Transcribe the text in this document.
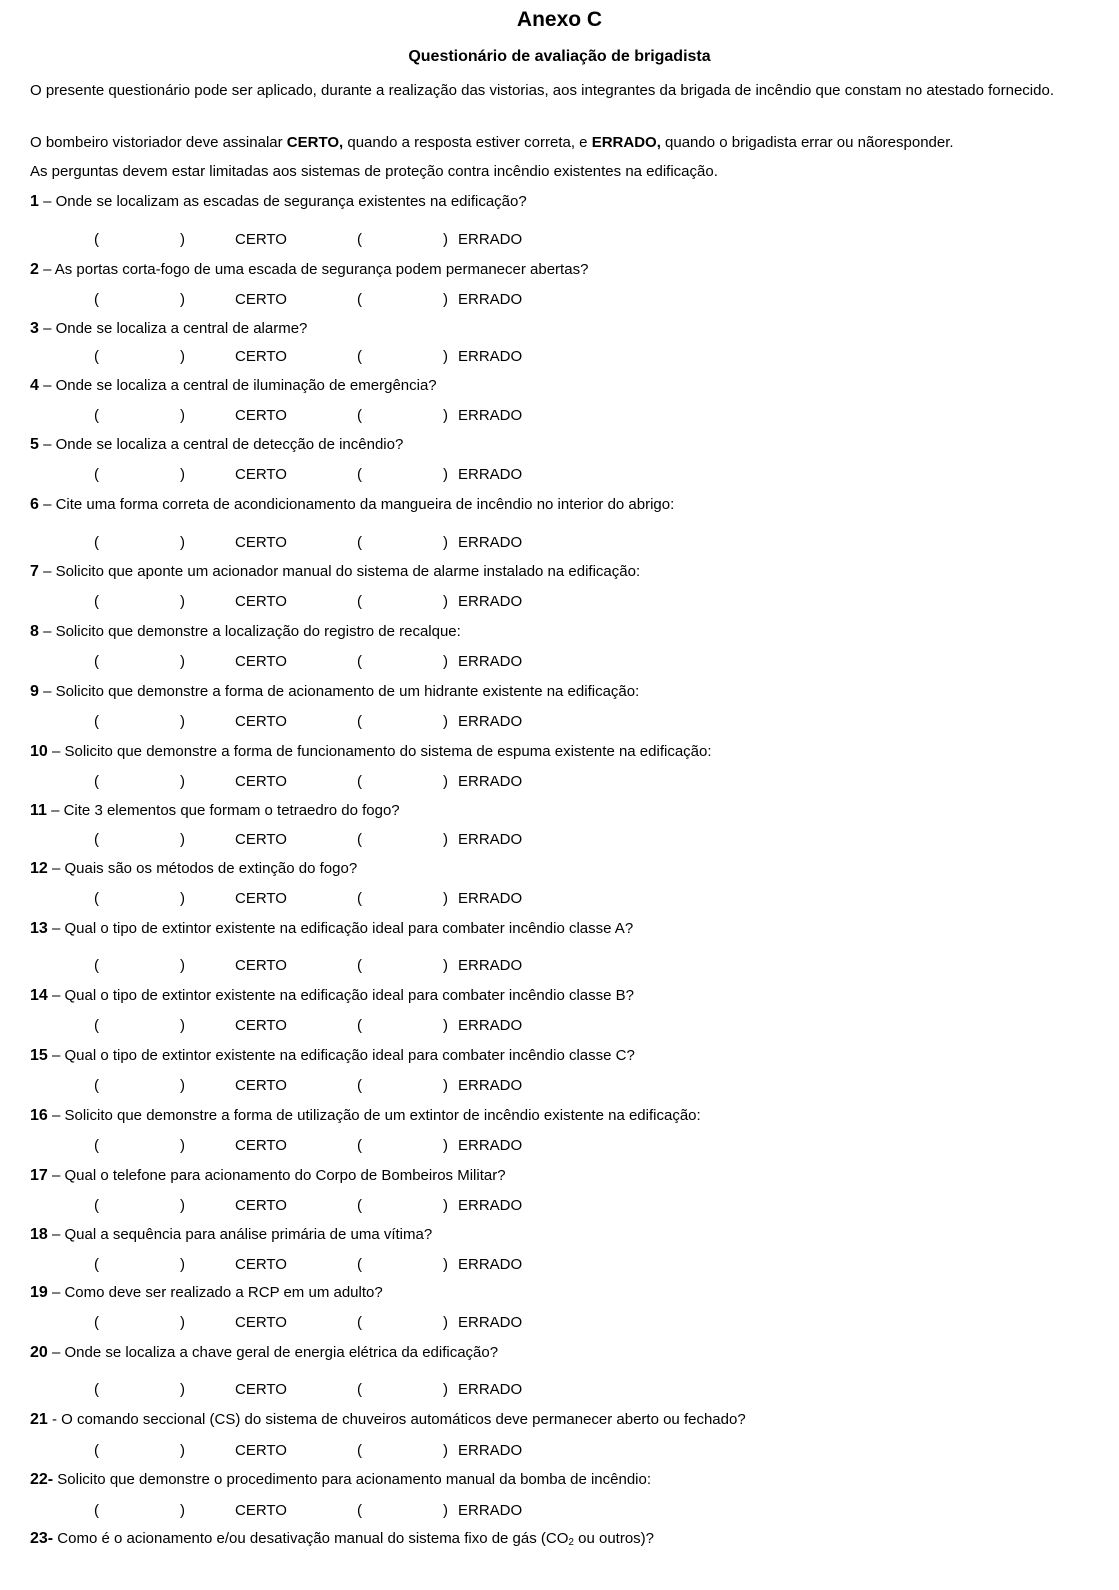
Anexo C
Questionário de avaliação de brigadista
O presente questionário pode ser aplicado, durante a realização das vistorias, aos integrantes da brigada de incêndio que constam no atestado fornecido.
O bombeiro vistoriador deve assinalar CERTO, quando a resposta estiver correta, e ERRADO, quando o brigadista errar ou nãoresponder.
As perguntas devem estar limitadas aos sistemas de proteção contra incêndio existentes na edificação.
1 – Onde se localizam as escadas de segurança existentes na edificação?
(	)	CERTO	(	) ERRADO
2 – As portas corta-fogo de uma escada de segurança podem permanecer abertas?
(	)	CERTO	(	) ERRADO
3 – Onde se localiza a central de alarme?
(	)	CERTO	(	) ERRADO
4 – Onde se localiza a central de iluminação de emergência?
(	)	CERTO	(	) ERRADO
5 – Onde se localiza a central de detecção de incêndio?
(	)	CERTO	(	) ERRADO
6 – Cite uma forma correta de acondicionamento da mangueira de incêndio no interior do abrigo:
(	)	CERTO	(	) ERRADO
7 – Solicito que aponte um acionador manual do sistema de alarme instalado na edificação:
(	)	CERTO	(	) ERRADO
8 – Solicito que demonstre a localização do registro de recalque:
(	)	CERTO	(	) ERRADO
9 – Solicito que demonstre a forma de acionamento de um hidrante existente na edificação:
(	)	CERTO	(	) ERRADO
10 – Solicito que demonstre a forma de funcionamento do sistema de espuma existente na edificação:
(	)	CERTO	(	) ERRADO
11 – Cite 3 elementos que formam o tetraedro do fogo?
(	)	CERTO	(	) ERRADO
12 – Quais são os métodos de extinção do fogo?
(	)	CERTO	(	) ERRADO
13 – Qual o tipo de extintor existente na edificação ideal para combater incêndio classe A?
(	)	CERTO	(	) ERRADO
14 – Qual o tipo de extintor existente na edificação ideal para combater incêndio classe B?
(	)	CERTO	(	) ERRADO
15 – Qual o tipo de extintor existente na edificação ideal para combater incêndio classe C?
(	)	CERTO	(	) ERRADO
16 – Solicito que demonstre a forma de utilização de um extintor de incêndio existente na edificação:
(	)	CERTO	(	) ERRADO
17 – Qual o telefone para acionamento do Corpo de Bombeiros Militar?
(	)	CERTO	(	) ERRADO
18 – Qual a sequência para análise primária de uma vítima?
(	)	CERTO	(	) ERRADO
19 – Como deve ser realizado a RCP em um adulto?
(	)	CERTO	(	) ERRADO
20 – Onde se localiza a chave geral de energia elétrica da edificação?
(	)	CERTO	(	) ERRADO
21 - O comando seccional (CS) do sistema de chuveiros automáticos deve permanecer aberto ou fechado?
(	)	CERTO	(	) ERRADO
22- Solicito que demonstre o procedimento para acionamento manual da bomba de incêndio:
(	)	CERTO	(	) ERRADO
23- Como é o acionamento e/ou desativação manual do sistema fixo de gás ($CO_2$ ou outros)?
